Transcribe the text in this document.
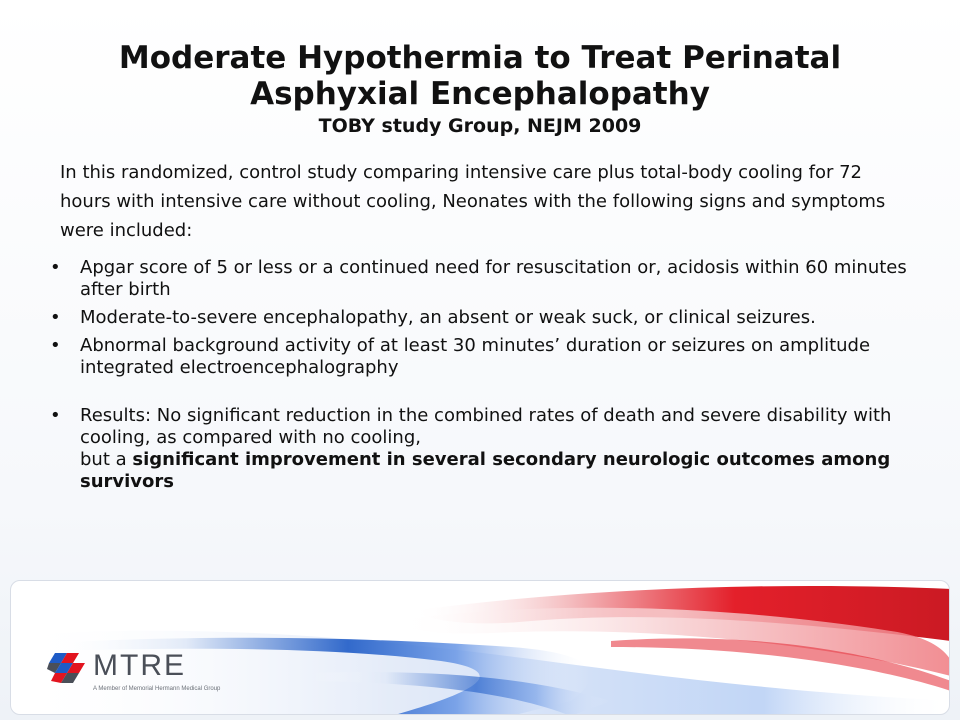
Moderate Hypothermia to Treat Perinatal
Asphyxial Encephalopathy
TOBY study Group, NEJM 2009

In this randomized, control study comparing intensive care plus total-body cooling for 72 hours with intensive care without cooling, Neonates with the following signs and symptoms were included:

• Apgar score of 5 or less or a continued need for resuscitation or, acidosis within 60 minutes after birth
• Moderate-to-severe encephalopathy, an absent or weak suck, or clinical seizures.
• Abnormal background activity of at least 30 minutes’ duration or seizures on amplitude integrated electroencephalography
• Results: No significant reduction in the combined rates of death and severe disability with cooling, as compared with no cooling,
but a significant improvement in several secondary neurologic outcomes among survivors
MTRE
A Member of Memorial Hermann Medical Group
